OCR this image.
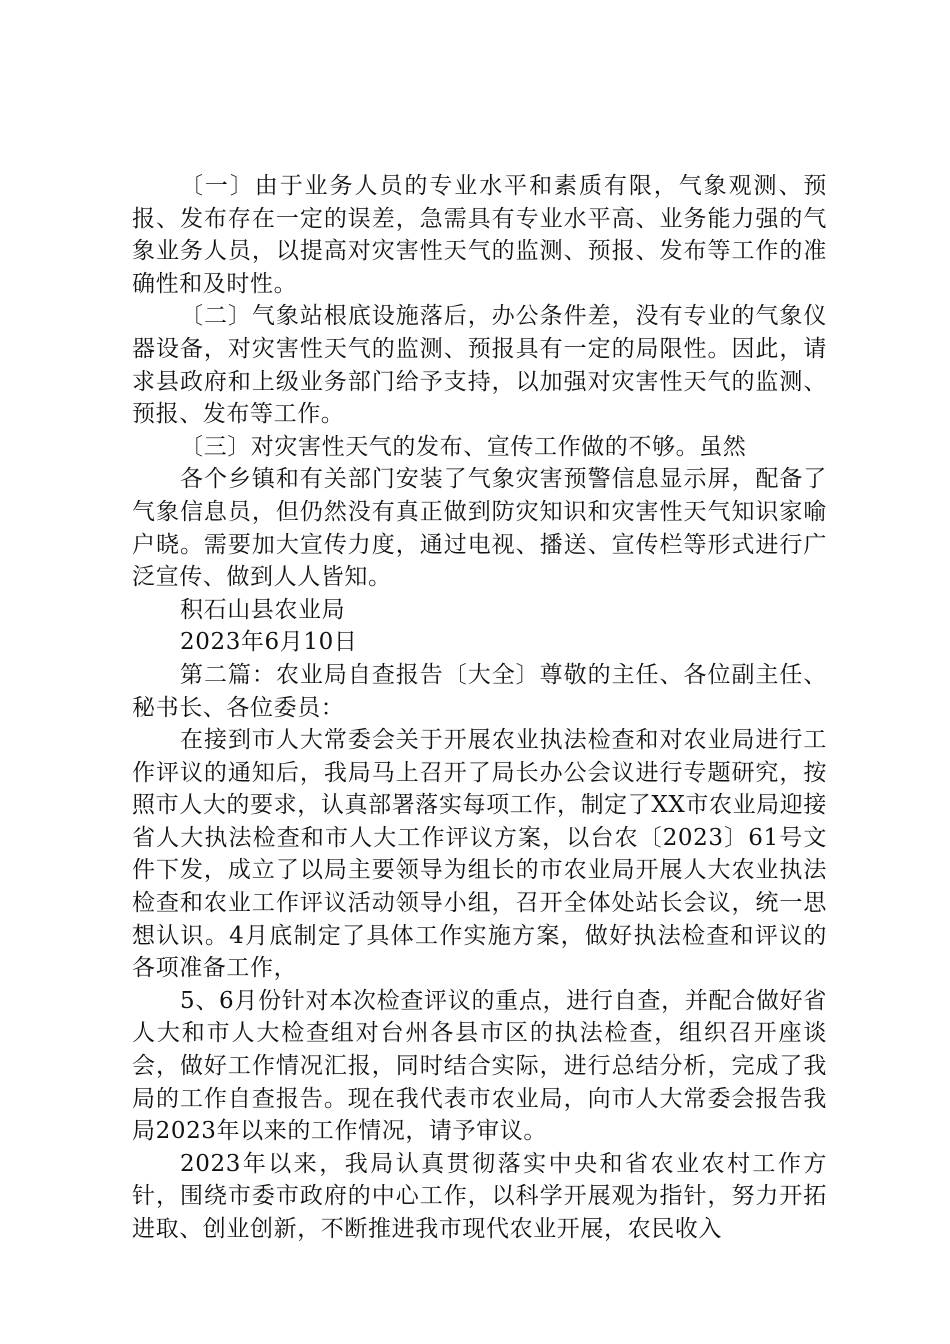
〔一〕由于业务人员的专业水平和素质有限，气象观测、预报、发布存在一定的误差，急需具有专业水平高、业务能力强的气象业务人员，以提高对灾害性天气的监测、预报、发布等工作的准确性和及时性。

〔二〕气象站根底设施落后，办公条件差，没有专业的气象仪器设备，对灾害性天气的监测、预报具有一定的局限性。因此，请求县政府和上级业务部门给予支持，以加强对灾害性天气的监测、预报、发布等工作。

〔三〕对灾害性天气的发布、宣传工作做的不够。虽然

各个乡镇和有关部门安装了气象灾害预警信息显示屏，配备了气象信息员，但仍然没有真正做到防灾知识和灾害性天气知识家喻户晓。需要加大宣传力度，通过电视、播送、宣传栏等形式进行广泛宣传、做到人人皆知。

积石山县农业局

2023年6月10日

第二篇：农业局自查报告〔大全〕尊敬的主任、各位副主任、秘书长、各位委员：

在接到市人大常委会关于开展农业执法检查和对农业局进行工作评议的通知后，我局马上召开了局长办公会议进行专题研究，按照市人大的要求，认真部署落实每项工作，制定了XX市农业局迎接省人大执法检查和市人大工作评议方案，以台农〔2023〕61号文件下发，成立了以局主要领导为组长的市农业局开展人大农业执法检查和农业工作评议活动领导小组，召开全体处站长会议，统一思想认识。4月底制定了具体工作实施方案，做好执法检查和评议的各项准备工作，

5、6月份针对本次检查评议的重点，进行自查，并配合做好省人大和市人大检查组对台州各县市区的执法检查，组织召开座谈会，做好工作情况汇报，同时结合实际，进行总结分析，完成了我局的工作自查报告。现在我代表市农业局，向市人大常委会报告我局2023年以来的工作情况，请予审议。

2023年以来，我局认真贯彻落实中央和省农业农村工作方针，围绕市委市政府的中心工作，以科学开展观为指针，努力开拓进取、创业创新，不断推进我市现代农业开展，农民收入
